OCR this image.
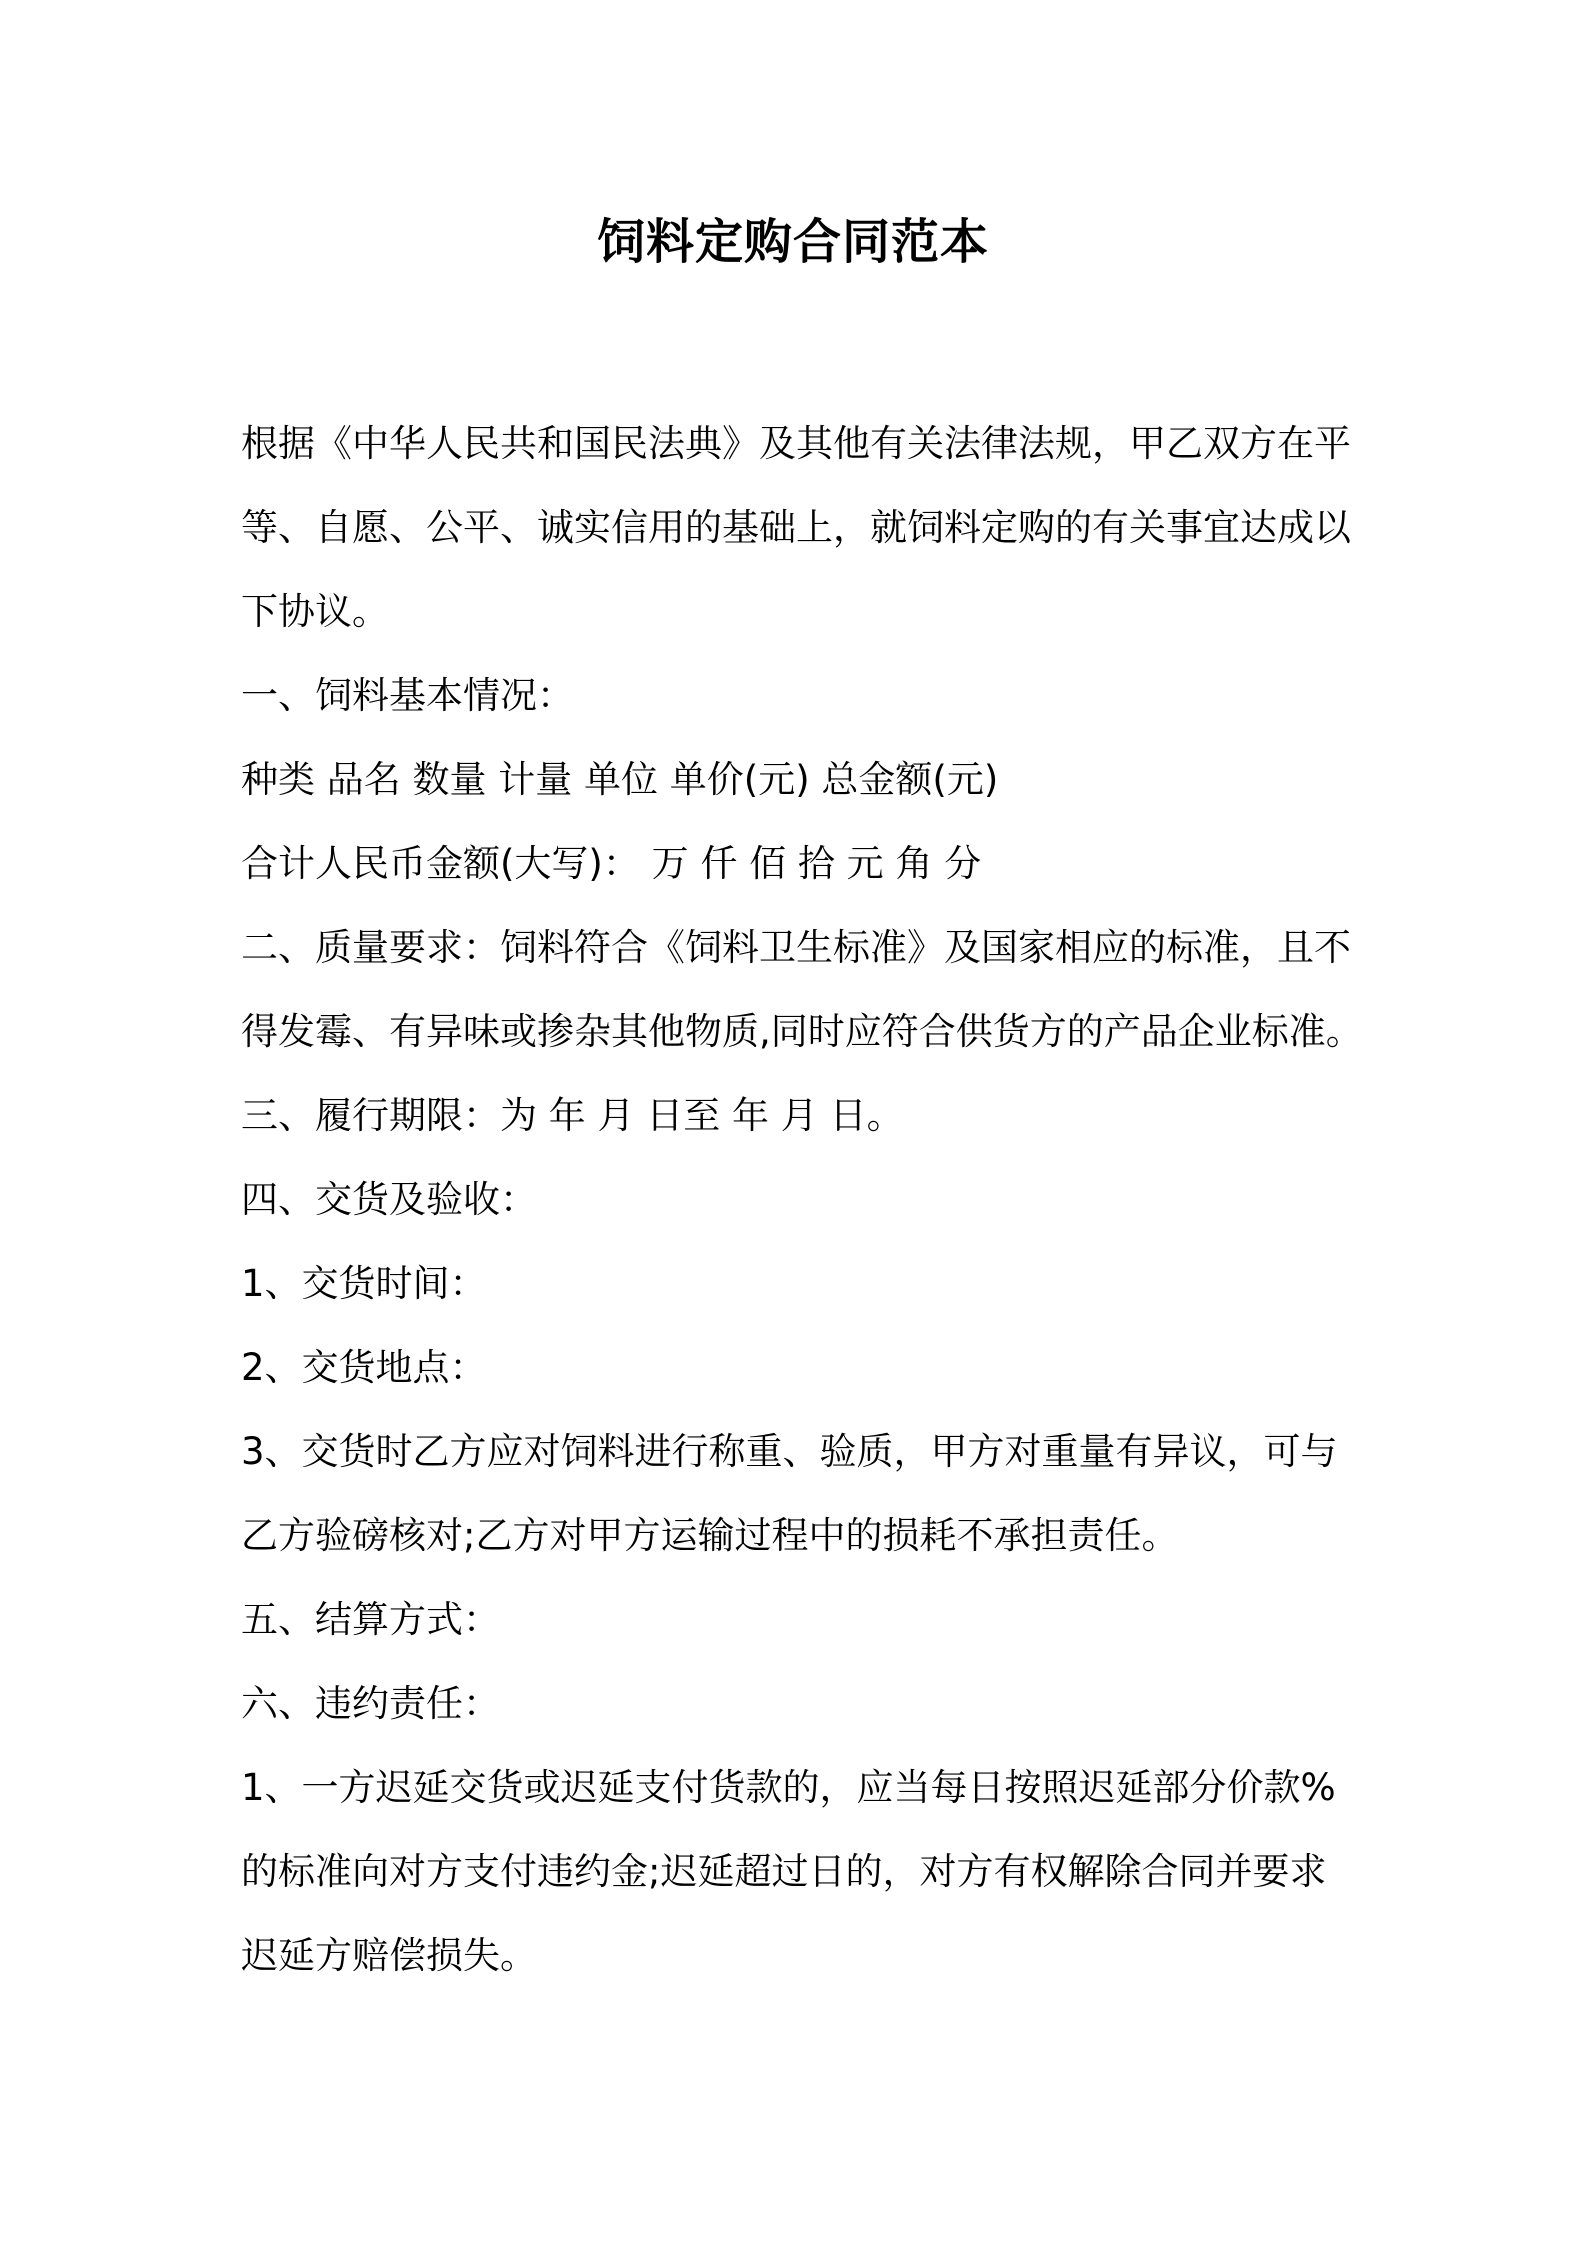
饲料定购合同范本
根据《中华人民共和国民法典》及其他有关法律法规，甲乙双方在平
等、自愿、公平、诚实信用的基础上，就饲料定购的有关事宜达成以
下协议。
一、饲料基本情况：
种类 品名 数量 计量 单位 单价(元) 总金额(元)
合计人民币金额(大写)： 万 仟 佰 拾 元 角 分
二、质量要求：饲料符合《饲料卫生标准》及国家相应的标准，且不
得发霉、有异味或掺杂其他物质,同时应符合供货方的产品企业标准。
三、履行期限：为 年 月 日至 年 月 日。
四、交货及验收：
1、交货时间：
2、交货地点：
3、交货时乙方应对饲料进行称重、验质，甲方对重量有异议，可与
乙方验磅核对;乙方对甲方运输过程中的损耗不承担责任。
五、结算方式：
六、违约责任：
1、一方迟延交货或迟延支付货款的，应当每日按照迟延部分价款%
的标准向对方支付违约金;迟延超过日的，对方有权解除合同并要求
迟延方赔偿损失。
